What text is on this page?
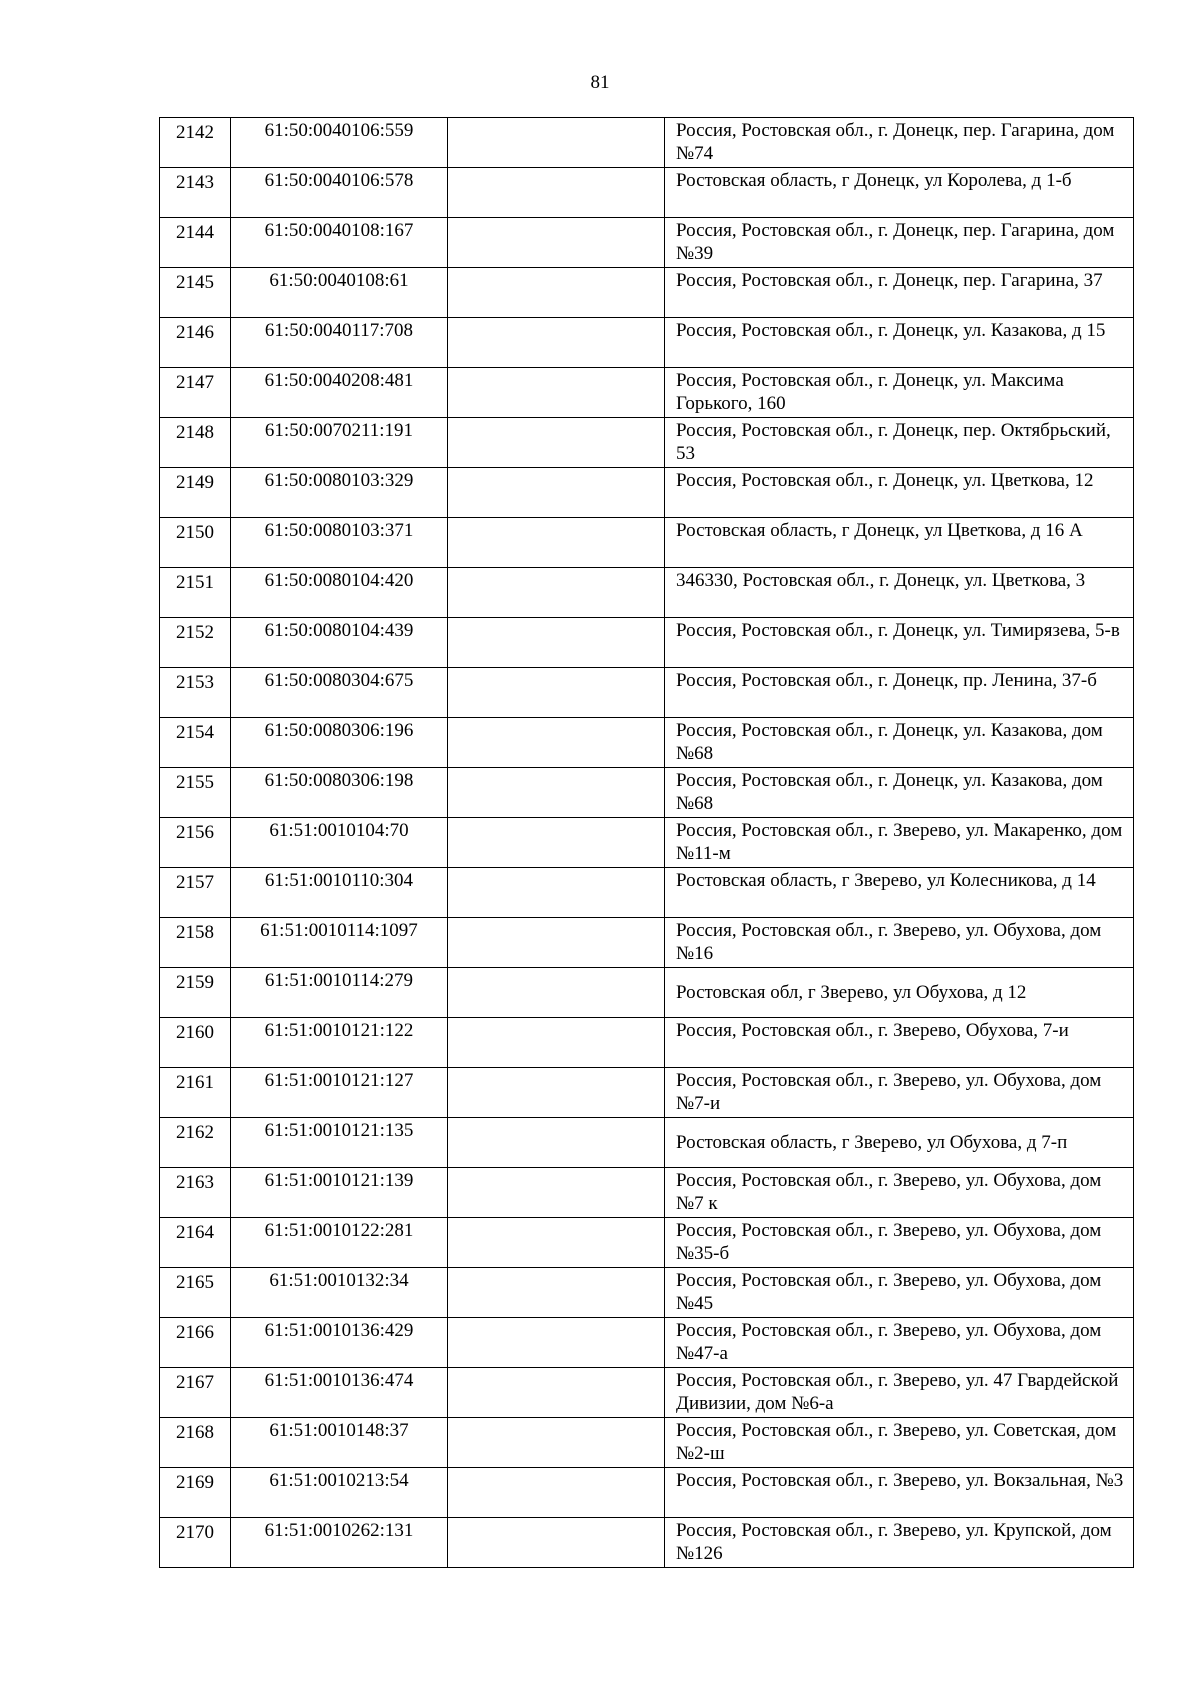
81
2142	61:50:0040106:559		Россия, Ростовская обл., г. Донецк, пер. Гагарина, дом №74
2143	61:50:0040106:578		Ростовская область, г Донецк, ул Королева, д 1-б
2144	61:50:0040108:167		Россия, Ростовская обл., г. Донецк, пер. Гагарина, дом №39
2145	61:50:0040108:61		Россия, Ростовская обл., г. Донецк, пер. Гагарина, 37
2146	61:50:0040117:708		Россия, Ростовская обл., г. Донецк, ул. Казакова, д 15
2147	61:50:0040208:481		Россия, Ростовская обл., г. Донецк, ул. Максима Горького, 160
2148	61:50:0070211:191		Россия, Ростовская обл., г. Донецк, пер. Октябрьский, 53
2149	61:50:0080103:329		Россия, Ростовская обл., г. Донецк, ул. Цветкова, 12
2150	61:50:0080103:371		Ростовская область, г Донецк, ул Цветкова, д 16 А
2151	61:50:0080104:420		346330, Ростовская обл., г. Донецк, ул. Цветкова, 3
2152	61:50:0080104:439		Россия, Ростовская обл., г. Донецк, ул. Тимирязева, 5-в
2153	61:50:0080304:675		Россия, Ростовская обл., г. Донецк, пр. Ленина, 37-б
2154	61:50:0080306:196		Россия, Ростовская обл., г. Донецк, ул. Казакова, дом №68
2155	61:50:0080306:198		Россия, Ростовская обл., г. Донецк, ул. Казакова, дом №68
2156	61:51:0010104:70		Россия, Ростовская обл., г. Зверево, ул. Макаренко, дом №11-м
2157	61:51:0010110:304		Ростовская область, г Зверево, ул Колесникова, д 14
2158	61:51:0010114:1097		Россия, Ростовская обл., г. Зверево, ул. Обухова, дом №16
2159	61:51:0010114:279		Ростовская обл, г Зверево, ул Обухова, д 12
2160	61:51:0010121:122		Россия, Ростовская обл., г. Зверево, Обухова, 7-и
2161	61:51:0010121:127		Россия, Ростовская обл., г. Зверево, ул. Обухова, дом №7-и
2162	61:51:0010121:135		Ростовская область, г Зверево, ул Обухова, д 7-п
2163	61:51:0010121:139		Россия, Ростовская обл., г. Зверево, ул. Обухова, дом №7 к
2164	61:51:0010122:281		Россия, Ростовская обл., г. Зверево, ул. Обухова, дом №35-б
2165	61:51:0010132:34		Россия, Ростовская обл., г. Зверево, ул. Обухова, дом №45
2166	61:51:0010136:429		Россия, Ростовская обл., г. Зверево, ул. Обухова, дом №47-а
2167	61:51:0010136:474		Россия, Ростовская обл., г. Зверево, ул. 47 Гвардейской Дивизии, дом №6-а
2168	61:51:0010148:37		Россия, Ростовская обл., г. Зверево, ул. Советская, дом №2-ш
2169	61:51:0010213:54		Россия, Ростовская обл., г. Зверево, ул. Вокзальная, №3
2170	61:51:0010262:131		Россия, Ростовская обл., г. Зверево, ул. Крупской, дом №126
